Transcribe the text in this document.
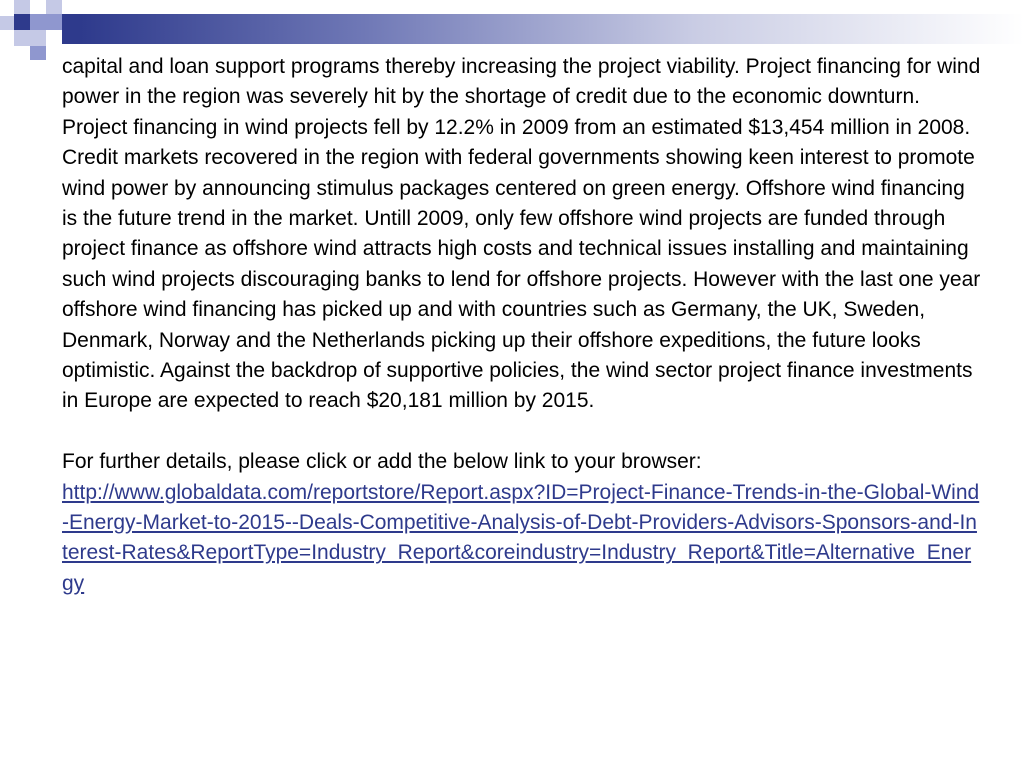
capital and loan support programs thereby increasing the project viability. Project financing for wind power in the region was severely hit by the shortage of credit due to the economic downturn. Project financing in wind projects fell by 12.2% in 2009 from an estimated $13,454 million in 2008. Credit markets recovered in the region with federal governments showing keen interest to promote wind power by announcing stimulus packages centered on green energy. Offshore wind financing is the future trend in the market. Untill 2009, only few offshore wind projects are funded through project finance as offshore wind attracts high costs and technical issues installing and maintaining such wind projects discouraging banks to lend for offshore projects. However with the last one year offshore wind financing has picked up and with countries such as Germany, the UK, Sweden, Denmark, Norway and the Netherlands picking up their offshore expeditions, the future looks optimistic. Against the backdrop of supportive policies, the wind sector project finance investments in Europe are expected to reach $20,181 million by 2015.

For further details, please click or add the below link to your browser:

http://www.globaldata.com/reportstore/Report.aspx?ID=Project-Finance-Trends-in-the-Global-Wind-Energy-Market-to-2015--Deals-Competitive-Analysis-of-Debt-Providers-Advisors-Sponsors-and-Interest-Rates&ReportType=Industry_Report&coreindustry=Industry_Report&Title=Alternative_Energy
